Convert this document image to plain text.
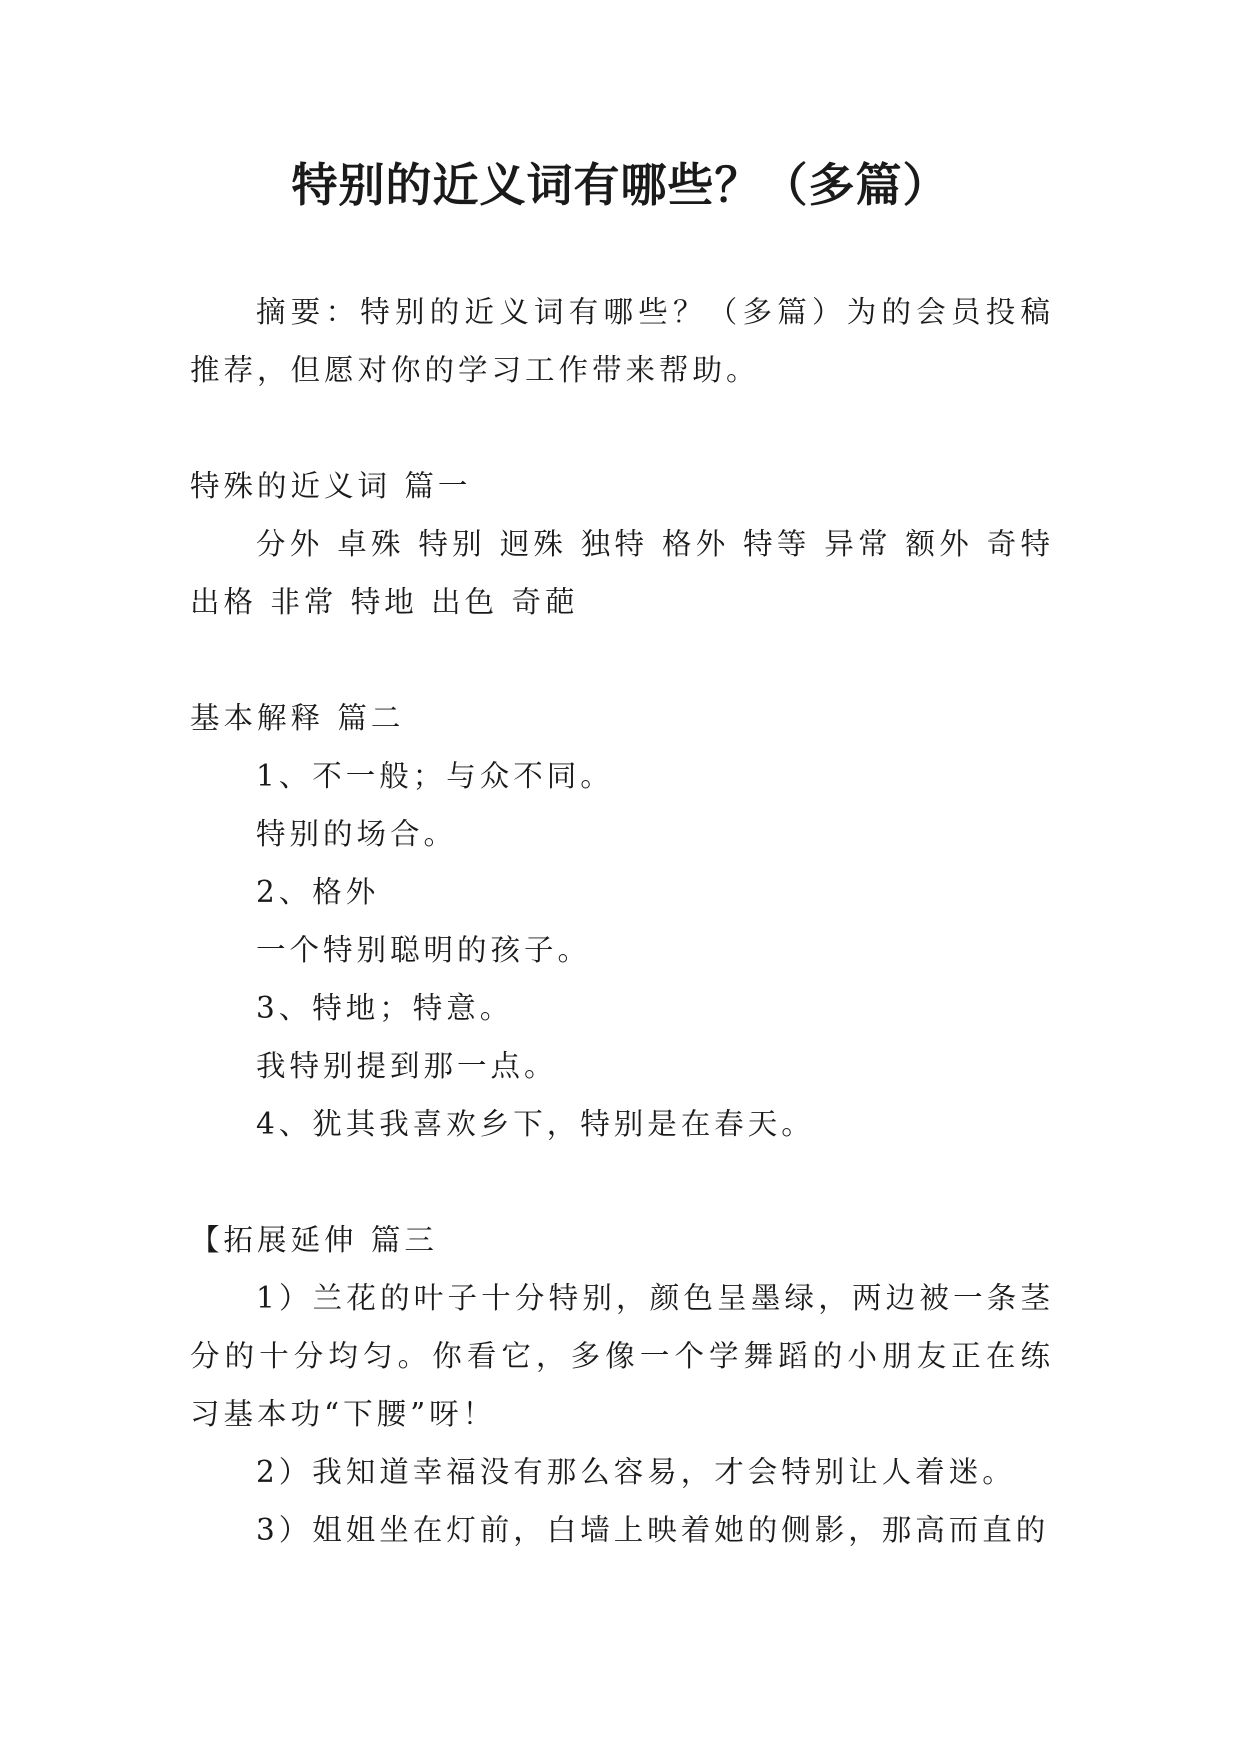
特别的近义词有哪些？（多篇）

摘要：特别的近义词有哪些？（多篇）为的会员投稿推荐，但愿对你的学习工作带来帮助。

特殊的近义词 篇一

分外 卓殊 特别 迥殊 独特 格外 特等 异常 额外 奇特 出格 非常 特地 出色 奇葩

基本解释 篇二

1、不一般；与众不同。

特别的场合。

2、格外

一个特别聪明的孩子。

3、特地；特意。

我特别提到那一点。

4、犹其我喜欢乡下，特别是在春天。

【拓展延伸 篇三

1）兰花的叶子十分特别，颜色呈墨绿，两边被一条茎分的十分均匀。你看它，多像一个学舞蹈的小朋友正在练习基本功“下腰”呀！

2）我知道幸福没有那么容易，才会特别让人着迷。

3）姐姐坐在灯前，白墙上映着她的侧影，那高而直的
